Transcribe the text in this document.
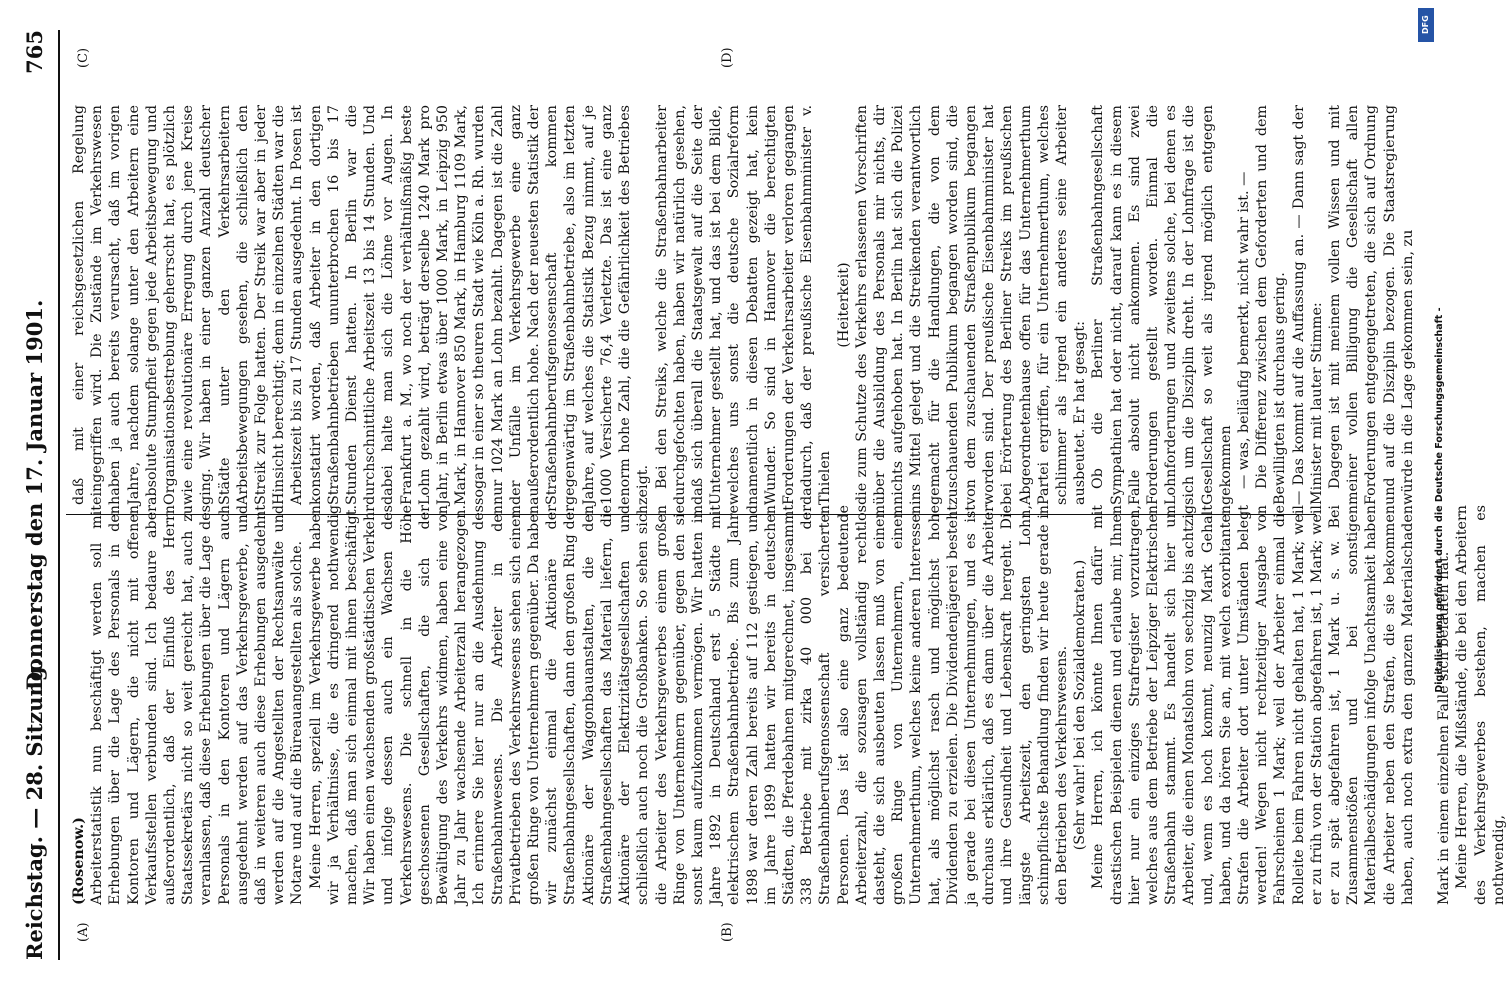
Reichstag. — 28. Sitzung.
Donnerstag den 17. Januar 1901.
765
(A)	(B)
(C)	(D)

(Rosenow.) Arbeiterstatistik nun beschäftigt werden soll mit Erhebungen über die Lage des Personals in den Kontoren und Lägern, die nicht mit offenen Verkaufsstellen verbunden sind. Ich bedaure aber außerordentlich, daß der Einfluß des Herrn Staatssekretärs nicht so weit gereicht hat, auch zu veranlassen, daß diese Erhebungen über die Lage des Personals in den Kontoren und Lägern auch ausgedehnt werden auf das Verkehrsgewerbe, und daß in weiteren auch diese Erhebungen ausgedehnt werden auf die Angestellten der Rechtsanwälte und Notare und auf die Büreauangestellten als solche. Meine Herren, speziell im Verkehrsgewerbe haben wir ja Verhältnisse, die es dringend nothwendig machen, daß man sich einmal mit ihnen beschäftigt. Wir haben einen wachsenden großstädtischen Verkehr und infolge dessen auch ein Wachsen des Verkehrswesens. Die schnell in die Höhe geschossenen Gesellschaften, die sich der Bewältigung des Verkehrs widmen, haben eine von Jahr zu Jahr wachsende Arbeiterzahl herangezogen. Ich erinnere Sie hier nur an die Ausdehnung des Straßenbahnwesens. Die Arbeiter in den Privatbetrieben des Verkehrswesens sehen sich einem großen Ringe von Unternehmern gegenüber. Da haben wir zunächst einmal die Aktionäre der Straßenbahngesellschaften, dann den großen Ring der Aktionäre der Waggonbauanstalten, die den Straßenbahngesellschaften das Material liefern, die Aktionäre der Elektrizitätsgesellschaften und schließlich auch noch die Großbanken. So sehen sich die Arbeiter des Verkehrsgewerbes einem großen Ringe von Unternehmern gegenüber, gegen den sie sonst kaum aufzukommen vermögen. Wir hatten im Jahre 1892 in Deutschland erst 5 Städte mit elektrischem Straßenbahnbetriebe. Bis zum Jahre 1898 war deren Zahl bereits auf 112 gestiegen, und im Jahre 1899 hatten wir bereits in deutschen Städten, die Pferdebahnen mitgerechnet, insgesammt 338 Betriebe mit zirka 40 000 bei der Straßenbahnberufsgenossenschaft versicherten Personen. Das ist also eine ganz bedeutende Arbeiterzahl, die sozusagen vollständig rechtlos dasteht, die sich ausbeuten lassen muß von einem großen Ringe von Unternehmern, einem Unternehmerthum, welches keine anderen Interessen hat, als möglichst rasch und möglichst hohe Dividenden zu erzielen. Die Dividendenjägerei besteht ja gerade bei diesen Unternehmungen, und es ist durchaus erklärlich, daß es dann über die Arbeiter und ihre Gesundheit und Lebenskraft hergeht. Die längste Arbeitszeit, den geringsten Lohn, schimpflichste Behandlung finden wir heute gerade in den Betrieben des Verkehrswesens. (Sehr wahr! bei den Sozialdemokraten.)

Meine Herren, ich könnte Ihnen dafür mit drastischen Beispielen dienen und erlaube mir, Ihnen hier nur ein einziges Strafregister vorzutragen, welches aus dem Betriebe der Leipziger Elektrischen Straßenbahn stammt. Es handelt sich hier um Arbeiter, die einen Monatslohn von sechzig bis achtzig und, wenn es hoch kommt, neunzig Mark Gehalt haben, und da hören Sie an, mit welch exorbitanten Strafen die Arbeiter dort unter Umständen belegt werden! Wegen nicht rechtzeitiger Ausgabe von Fahrscheinen 1 Mark; weil der Arbeiter einmal die Rolleite beim Fahren nicht gehalten hat, 1 Mark; weil er zu früh von der Station abgefahren ist, 1 Mark; weil er zu spät abgefahren ist, 1 Mark u. s. w. Bei Zusammenstößen und bei sonstigen Materialbeschädigungen infolge Unachtsamkeit haben die Arbeiter neben den Strafen, die sie bekommen haben, auch noch extra den ganzen Materialschaden Mark in einem einzelnen Falle sich belaufen hat. Meine Herren, die Mißstände, die bei den Arbeitern des Verkehrsgewerbes bestehen, machen es nothwendig,

daß mit einer reichsgesetzlichen Regelung eingegriffen wird. Die Zustände im Verkehrswesen haben ja auch bereits verursacht, daß im vorigen Jahre, nachdem solange unter den Arbeitern eine absolute Stumpfheit gegen jede Arbeitsbewegung und Organisationsbestrebung geherrscht hat, es plötzlich wie eine revolutionäre Erregung durch jene Kreise ging. Wir haben in einer ganzen Anzahl deutscher Städte unter den Verkehrsarbeitern Arbeitsbewegungen gesehen, die schließlich den Streik zur Folge hatten. Der Streik war aber in jeder Hinsicht berechtigt; denn in einzelnen Städten war die Arbeitszeit bis zu 17 Stunden ausgedehnt. In Posen ist konstatirt worden, daß Arbeiter in den dortigen Straßenbahnbetrieben ununterbrochen 16 bis 17 Stunden Dienst hatten. In Berlin war die durchschnittliche Arbeitszeit 13 bis 14 Stunden. Und dabei halte man sich die Löhne vor Augen. In Frankfurt a. M., wo noch der verhältnißmäßig beste Lohn gezahlt wird, beträgt derselbe 1240 Mark pro Jahr, in Berlin etwas über 1000 Mark, in Leipzig 950 Mark, in Hannover 850 Mark, in Hamburg 1109 Mark, sogar in einer so theuren Stadt wie Köln a. Rh. wurden nur 1024 Mark an Lohn bezahlt. Dagegen ist die Zahl der Unfälle im Verkehrsgewerbe eine ganz außerordentlich hohe. Nach der neuesten Statistik der Straßenbahnberufsgenossenschaft kommen gegenwärtig im Straßenbahnbetriebe, also im letzten Jahre, auf welches die Statistik Bezug nimmt, auf je 1000 Versicherte 76,4 Verletzte. Das ist eine ganz enorm hohe Zahl, die die Gefährlichkeit des Betriebes zeigt. Bei den Streiks, welche die Straßenbahnarbeiter durchgefochten haben, haben wir natürlich gesehen, daß sich überall die Staatsgewalt auf die Seite der Unternehmer gestellt hat, und das ist bei dem Bilde, welches uns sonst die deutsche Sozialreform namentlich in diesen Debatten gezeigt hat, kein Wunder. So sind in Hannover die berechtigten Forderungen der Verkehrsarbeiter verloren gegangen dadurch, daß der preußische Eisenbahnminister v. Thielen

(Heiterkeit) die zum Schutze des Verkehrs erlassenen Vorschriften über die Ausbildung des Personals mir nichts, dir nichts aufgehoben hat. In Berlin hat sich die Polizei ins Mittel gelegt und die Streikenden verantwortlich gemacht für die Handlungen, die von dem zuschauenden Publikum begangen worden sind, die von dem zuschauenden Straßenpublikum begangen worden sind. Der preußische Eisenbahnminister hat bei Erörterung des Berliner Streiks im preußischen Abgeordnetenhause offen für das Unternehmerthum Partei ergriffen, für ein Unternehmerthum, welches schlimmer als irgend ein anderes seine Arbeiter ausbeutet. Er hat gesagt: Ob die Berliner Straßenbahngesellschaft Sympathien hat oder nicht, darauf kann es in diesem Falle absolut nicht ankommen. Es sind zwei Forderungen gestellt worden. Einmal die Lohnforderungen und zweitens solche, bei denen es sich um die Disziplin dreht. In der Lohnfrage ist die Gesellschaft so weit als irgend möglich entgegen gekommen — was, beiläufig bemerkt, nicht wahr ist. — Die Differenz zwischen dem Geforderten und dem Bewilligten ist durchaus gering. — Das kommt auf die Auffassung an. — Dann sagt der Minister mit lauter Stimme: Dagegen ist mit meinem vollen Wissen und mit meiner vollen Billigung die Gesellschaft allen Forderungen entgegengetreten, die sich auf Ordnung und auf die Disziplin bezogen. Die Staatsregierung würde in die Lage gekommen sein, zu Digitalisierung gefördert durch die Deutsche Forschungsgemeinschaft -
DFG
